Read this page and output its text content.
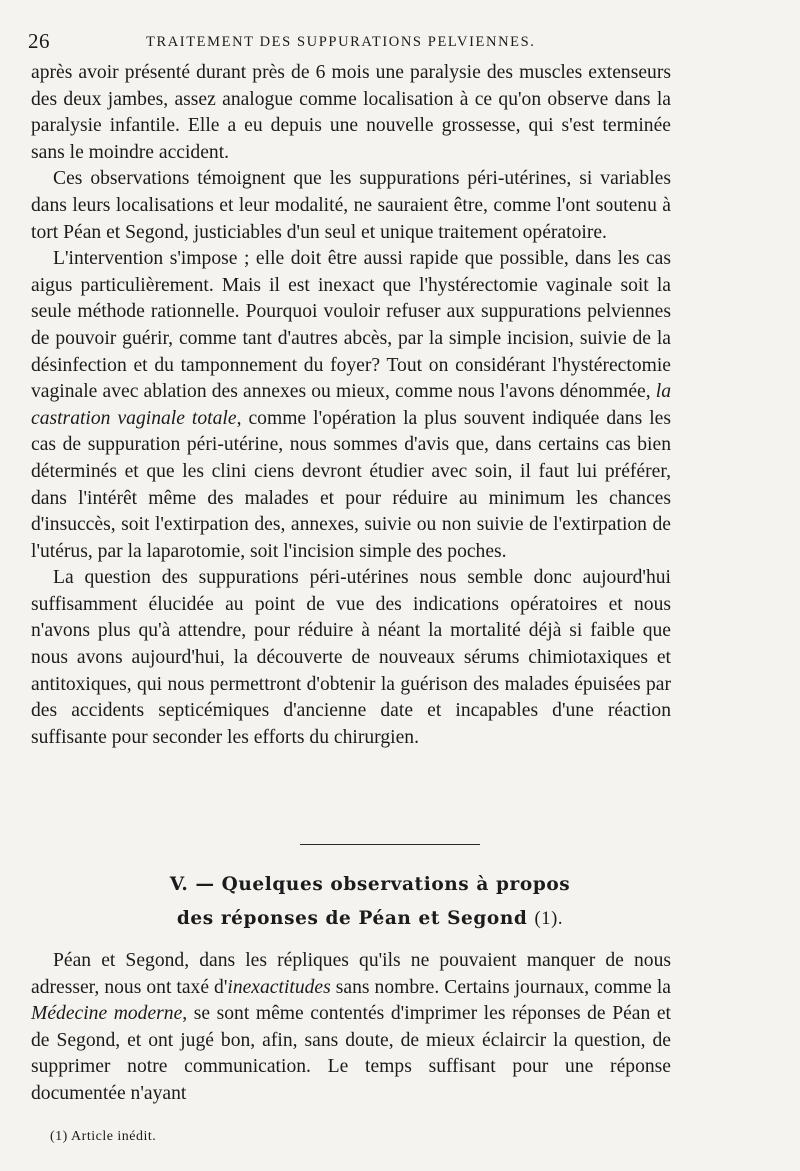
26	TRAITEMENT DES SUPPURATIONS PELVIENNES.

après avoir présenté durant près de 6 mois une paralysie des muscles extenseurs des deux jambes, assez analogue comme localisation à ce qu'on observe dans la paralysie infantile. Elle a eu depuis une nouvelle grossesse, qui s'est terminée sans le moindre accident.

Ces observations témoignent que les suppurations péri-utérines, si variables dans leurs localisations et leur modalité, ne sauraient être, comme l'ont soutenu à tort Péan et Segond, justiciables d'un seul et unique traitement opératoire.

L'intervention s'impose ; elle doit être aussi rapide que possible, dans les cas aigus particulièrement. Mais il est inexact que l'hystérectomie vaginale soit la seule méthode rationnelle. Pourquoi vouloir refuser aux suppurations pelviennes de pouvoir guérir, comme tant d'autres abcès, par la simple incision, suivie de la désinfection et du tamponnement du foyer? Tout on considérant l'hystérectomie vaginale avec ablation des annexes ou mieux, comme nous l'avons dénommée, la castration vaginale totale, comme l'opération la plus souvent indiquée dans les cas de suppuration péri-utérine, nous sommes d'avis que, dans certains cas bien déterminés et que les clini ciens devront étudier avec soin, il faut lui préférer, dans l'intérêt même des malades et pour réduire au minimum les chances d'insuccès, soit l'extirpation des, annexes, suivie ou non suivie de l'extirpation de l'utérus, par la laparotomie, soit l'incision simple des poches.

La question des suppurations péri-utérines nous semble donc aujourd'hui suffisamment élucidée au point de vue des indications opératoires et nous n'avons plus qu'à attendre, pour réduire à néant la mortalité déjà si faible que nous avons aujourd'hui, la découverte de nouveaux sérums chimiotaxiques et antitoxiques, qui nous permettront d'obtenir la guérison des malades épuisées par des accidents septicémiques d'ancienne date et incapables d'une réaction suffisante pour seconder les efforts du chirurgien.

V. — Quelques observations à propos
des réponses de Péan et Segond (1).

Péan et Segond, dans les répliques qu'ils ne pouvaient manquer de nous adresser, nous ont taxé d'inexactitudes sans nombre. Certains journaux, comme la Médecine moderne, se sont même contentés d'imprimer les réponses de Péan et de Segond, et ont jugé bon, afin, sans doute, de mieux éclaircir la question, de supprimer notre communication. Le temps suffisant pour une réponse documentée n'ayant

(1) Article inédit.
